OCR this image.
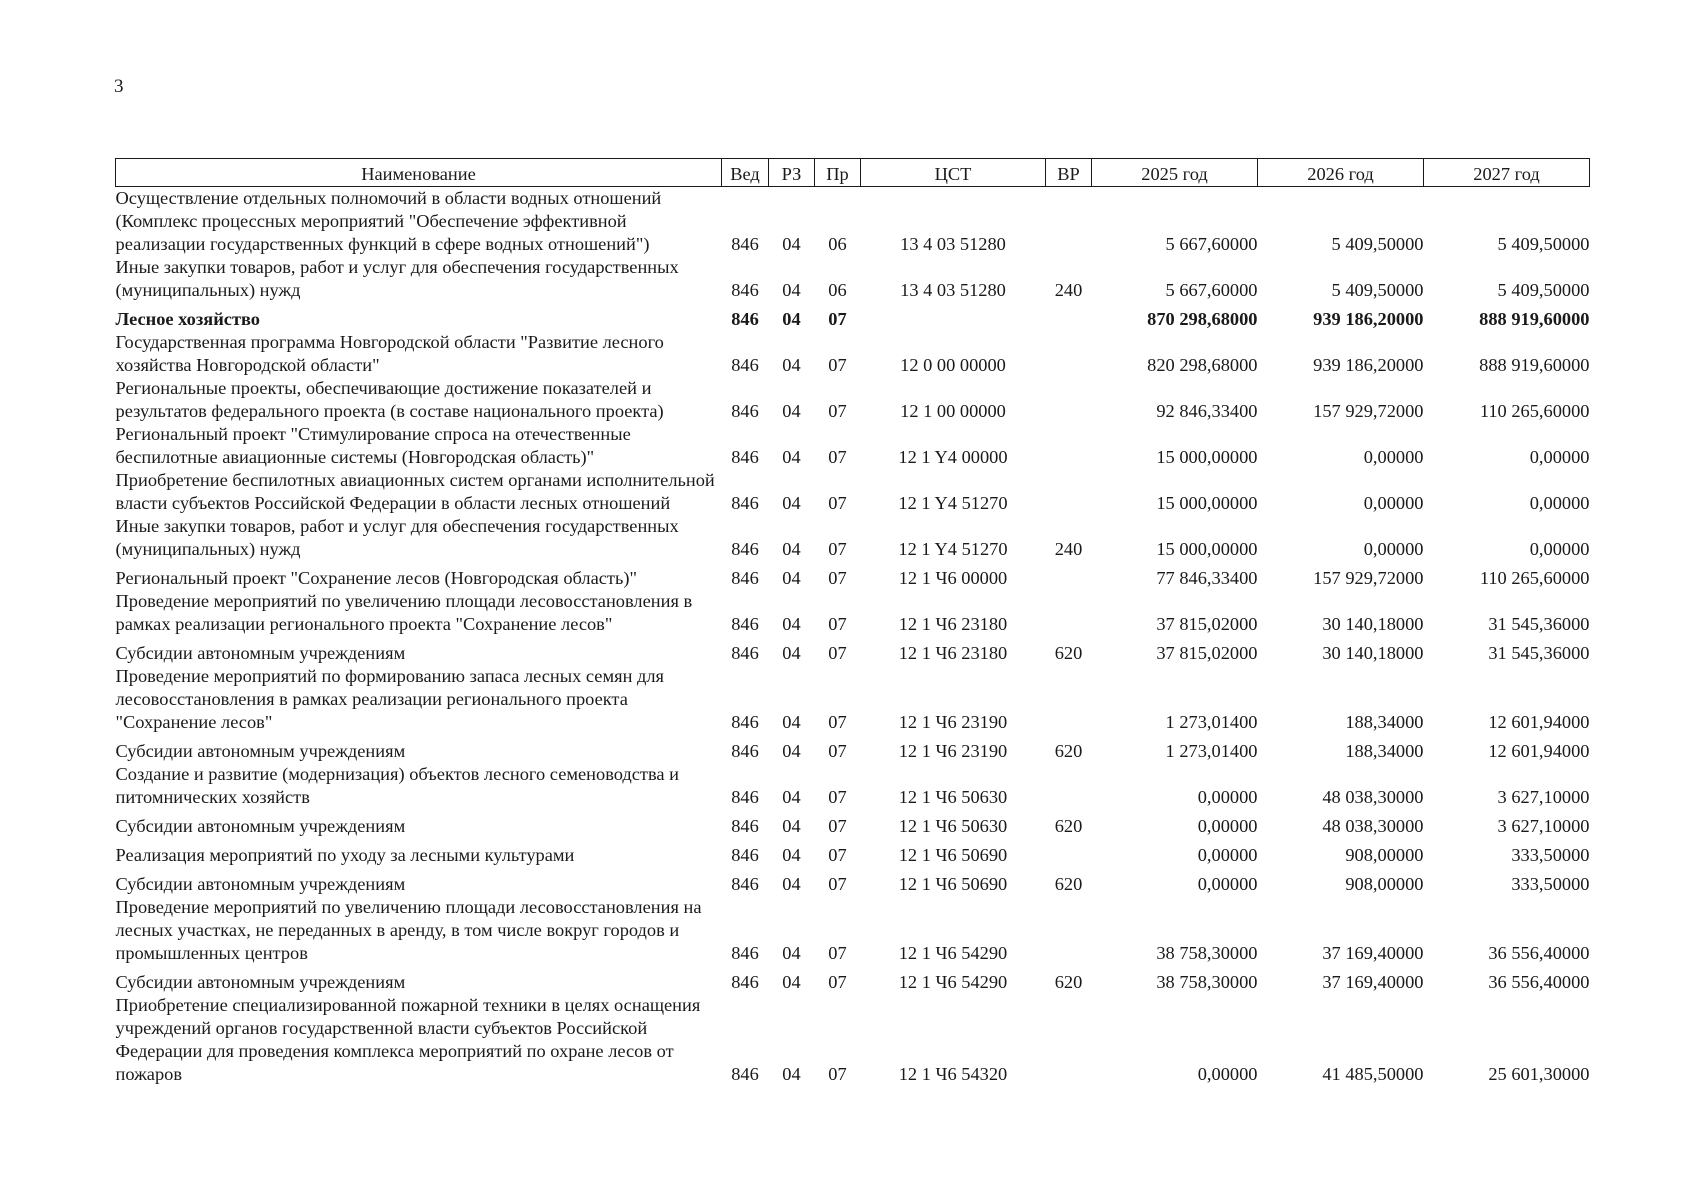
3
Наименование	Вед	РЗ	Пр	ЦСТ	ВР	2025 год	2026 год	2027 год
Осуществление отдельных полномочий в области водных отношений (Комплекс процессных мероприятий "Обеспечение эффективной реализации государственных функций в сфере водных отношений")	846	04	06	13 4 03 51280		5 667,60000	5 409,50000	5 409,50000
Иные закупки товаров, работ и услуг для обеспечения государственных (муниципальных) нужд	846	04	06	13 4 03 51280	240	5 667,60000	5 409,50000	5 409,50000
Лесное хозяйство	846	04	07			870 298,68000	939 186,20000	888 919,60000
Государственная программа Новгородской области "Развитие лесного хозяйства Новгородской области"	846	04	07	12 0 00 00000		820 298,68000	939 186,20000	888 919,60000
Региональные проекты, обеспечивающие достижение показателей и результатов федерального проекта (в составе национального проекта)	846	04	07	12 1 00 00000		92 846,33400	157 929,72000	110 265,60000
Региональный проект "Стимулирование спроса на отечественные беспилотные авиационные системы (Новгородская область)"	846	04	07	12 1 Y4 00000		15 000,00000	0,00000	0,00000
Приобретение беспилотных авиационных систем органами исполнительной власти субъектов Российской Федерации в области лесных отношений	846	04	07	12 1 Y4 51270		15 000,00000	0,00000	0,00000
Иные закупки товаров, работ и услуг для обеспечения государственных (муниципальных) нужд	846	04	07	12 1 Y4 51270	240	15 000,00000	0,00000	0,00000
Региональный проект "Сохранение лесов (Новгородская область)"	846	04	07	12 1 Ч6 00000		77 846,33400	157 929,72000	110 265,60000
Проведение мероприятий по увеличению площади лесовосстановления в рамках реализации регионального проекта "Сохранение лесов"	846	04	07	12 1 Ч6 23180		37 815,02000	30 140,18000	31 545,36000
Субсидии автономным учреждениям	846	04	07	12 1 Ч6 23180	620	37 815,02000	30 140,18000	31 545,36000
Проведение мероприятий по формированию запаса лесных семян для лесовосстановления в рамках реализации регионального проекта "Сохранение лесов"	846	04	07	12 1 Ч6 23190		1 273,01400	188,34000	12 601,94000
Субсидии автономным учреждениям	846	04	07	12 1 Ч6 23190	620	1 273,01400	188,34000	12 601,94000
Создание и развитие (модернизация) объектов лесного семеноводства и питомнических хозяйств	846	04	07	12 1 Ч6 50630		0,00000	48 038,30000	3 627,10000
Субсидии автономным учреждениям	846	04	07	12 1 Ч6 50630	620	0,00000	48 038,30000	3 627,10000
Реализация мероприятий по уходу за лесными культурами	846	04	07	12 1 Ч6 50690		0,00000	908,00000	333,50000
Субсидии автономным учреждениям	846	04	07	12 1 Ч6 50690	620	0,00000	908,00000	333,50000
Проведение мероприятий по увеличению площади лесовосстановления на лесных участках, не переданных в аренду, в том числе вокруг городов и промышленных центров	846	04	07	12 1 Ч6 54290		38 758,30000	37 169,40000	36 556,40000
Субсидии автономным учреждениям	846	04	07	12 1 Ч6 54290	620	38 758,30000	37 169,40000	36 556,40000
Приобретение специализированной пожарной техники в целях оснащения учреждений органов государственной власти субъектов Российской Федерации для проведения комплекса мероприятий по охране лесов от пожаров	846	04	07	12 1 Ч6 54320		0,00000	41 485,50000	25 601,30000
